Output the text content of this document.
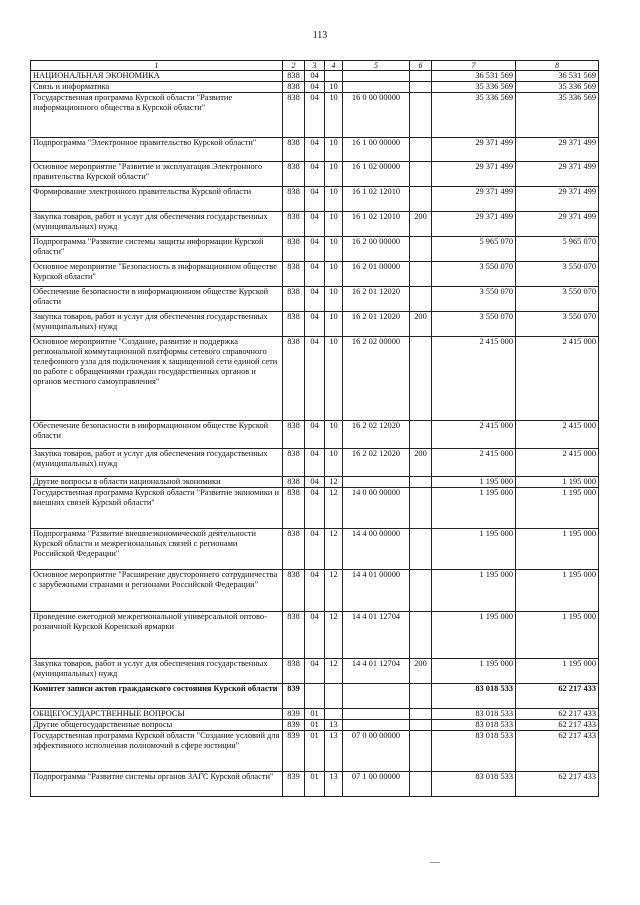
113
1	2	3	4	5	6	7	8
НАЦИОНАЛЬНАЯ ЭКОНОМИКА	838	04				36 531 569	36 531 569
Связь и информатика	838	04	10			35 336 569	35 336 569
Государственная программа Курской области "Развитие информационного общества в Курской области"	838	04	10	16 0 00 00000		35 336 569	35 336 569
Подпрограмма "Электронное правительство Курской области"	838	04	10	16 1 00 00000		29 371 499	29 371 499
Основное мероприятие "Развитие и эксплуатация Электронного правительства Курской области"	838	04	10	16 1 02 00000		29 371 499	29 371 499
Формирование электронного правительства Курской области	838	04	10	16 1 02 12010		29 371 499	29 371 499
Закупка товаров, работ и услуг для обеспечения государственных (муниципальных) нужд	838	04	10	16 1 02 12010	200	29 371 499	29 371 499
Подпрограмма "Развитие системы защиты информации Курской области"	838	04	10	16 2 00 00000		5 965 070	5 965 070
Основное мероприятие "Безопасность в информационном обществе Курской области"	838	04	10	16 2 01 00000		3 550 070	3 550 070
Обеспечение безопасности в информационном обществе Курской области	838	04	10	16 2 01 12020		3 550 070	3 550 070
Закупка товаров, работ и услуг для обеспечения государственных (муниципальных) нужд	838	04	10	16 2 01 12020	200	3 550 070	3 550 070
Основное мероприятие "Создание, развитие и поддержка региональной коммутационной платформы сетевого справочного телефонного узла для подключения к защищенной сети единой сети по работе с обращениями граждан государственных органов и органов местного самоуправления"	838	04	10	16 2 02 00000		2 415 000	2 415 000
Обеспечение безопасности в информационном обществе Курской области	838	04	10	16 2 02 12020		2 415 000	2 415 000
Закупка товаров, работ и услуг для обеспечения государственных (муниципальных) нужд	838	04	10	16 2 02 12020	200	2 415 000	2 415 000
Другие вопросы в области национальной экономики	838	04	12			1 195 000	1 195 000
Государственная программа Курской области "Развитие экономики и внешних связей Курской области"	838	04	12	14 0 00 00000		1 195 000	1 195 000
Подпрограмма "Развитие внешнеэкономической деятельности Курской области и межрегиональных связей с регионами Российской Федерации"	838	04	12	14 4 00 00000		1 195 000	1 195 000
Основное мероприятие "Расширение двустороннего сотрудничества с зарубежными странами и регионами Российской Федерации"	838	04	12	14 4 01 00000		1 195 000	1 195 000
Проведение ежегодной межрегиональной универсальной оптово-розничной Курской Коренской ярмарки	838	04	12	14 4 01 12704		1 195 000	1 195 000
Закупка товаров, работ и услуг для обеспечения государственных (муниципальных) нужд	838	04	12	14 4 01 12704	200	1 195 000	1 195 000
Комитет записи актов гражданского состояния Курской области	839					83 018 533	62 217 433
ОБЩЕГОСУДАРСТВЕННЫЕ ВОПРОСЫ	839	01				83 018 533	62 217 433
Другие общегосударственные вопросы	839	01	13			83 018 533	62 217 433
Государственная программа Курской области "Создание условий для эффективного исполнения полномочий в сфере юстиции"	839	01	13	07 0 00 00000		83 018 533	62 217 433
Подпрограмма "Развитие системы органов ЗАГС Курской области"	839	01	13	07 1 00 00000		83 018 533	62 217 433
